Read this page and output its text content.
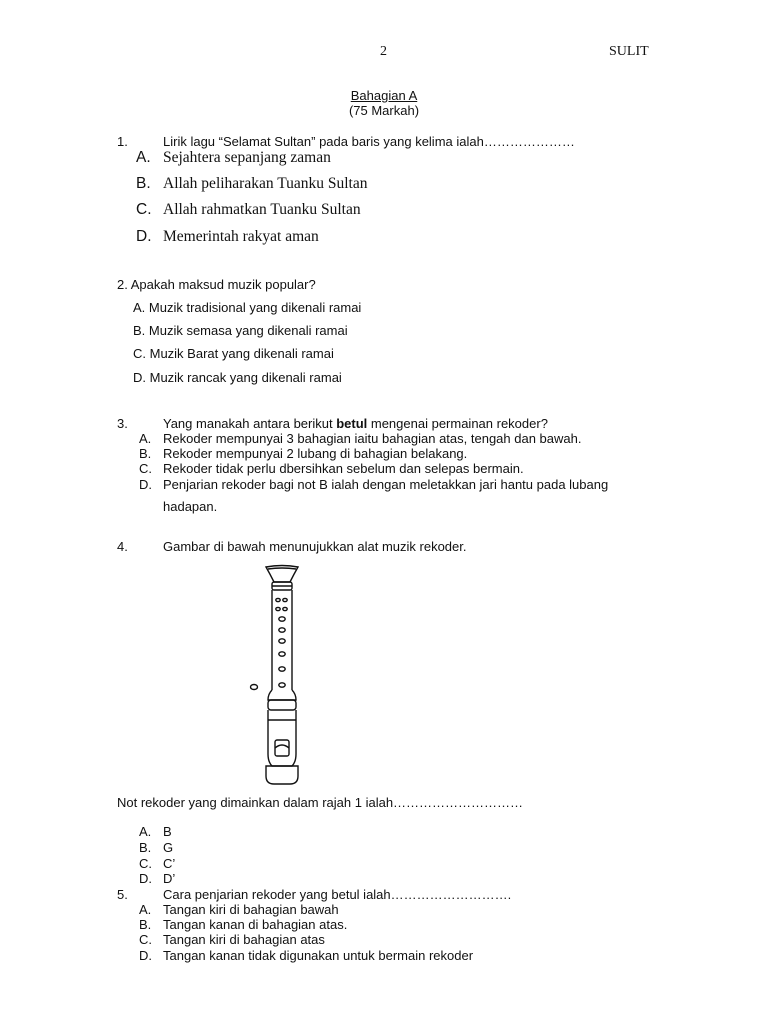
2	SULIT
Bahagian A
(75 Markah)
1.	Lirik lagu “Selamat Sultan” pada baris yang kelima ialah…………………
A. Sejahtera sepanjang zaman
B. Allah peliharakan Tuanku Sultan
C. Allah rahmatkan Tuanku Sultan
D. Memerintah rakyat aman
2. Apakah maksud muzik popular?
A. Muzik tradisional yang dikenali ramai
B. Muzik semasa yang dikenali ramai
C. Muzik Barat yang dikenali ramai
D. Muzik rancak yang dikenali ramai
3.	Yang manakah antara berikut betul mengenai permainan rekoder?
A. Rekoder mempunyai 3 bahagian iaitu bahagian atas, tengah dan bawah.
B. Rekoder mempunyai 2 lubang di bahagian belakang.
C. Rekoder tidak perlu dbersihkan sebelum dan selepas bermain.
D. Penjarian rekoder bagi not B ialah dengan meletakkan jari hantu pada lubang
hadapan.
4.	Gambar di bawah menunujukkan alat muzik rekoder.
Not rekoder yang dimainkan dalam rajah 1 ialah…………………………
A. B
B. G
C. C’
D. D’
5.	Cara penjarian rekoder yang betul ialah……………………….
A. Tangan kiri di bahagian bawah
B. Tangan kanan di bahagian atas.
C. Tangan kiri di bahagian atas
D. Tangan kanan tidak digunakan untuk bermain rekoder
